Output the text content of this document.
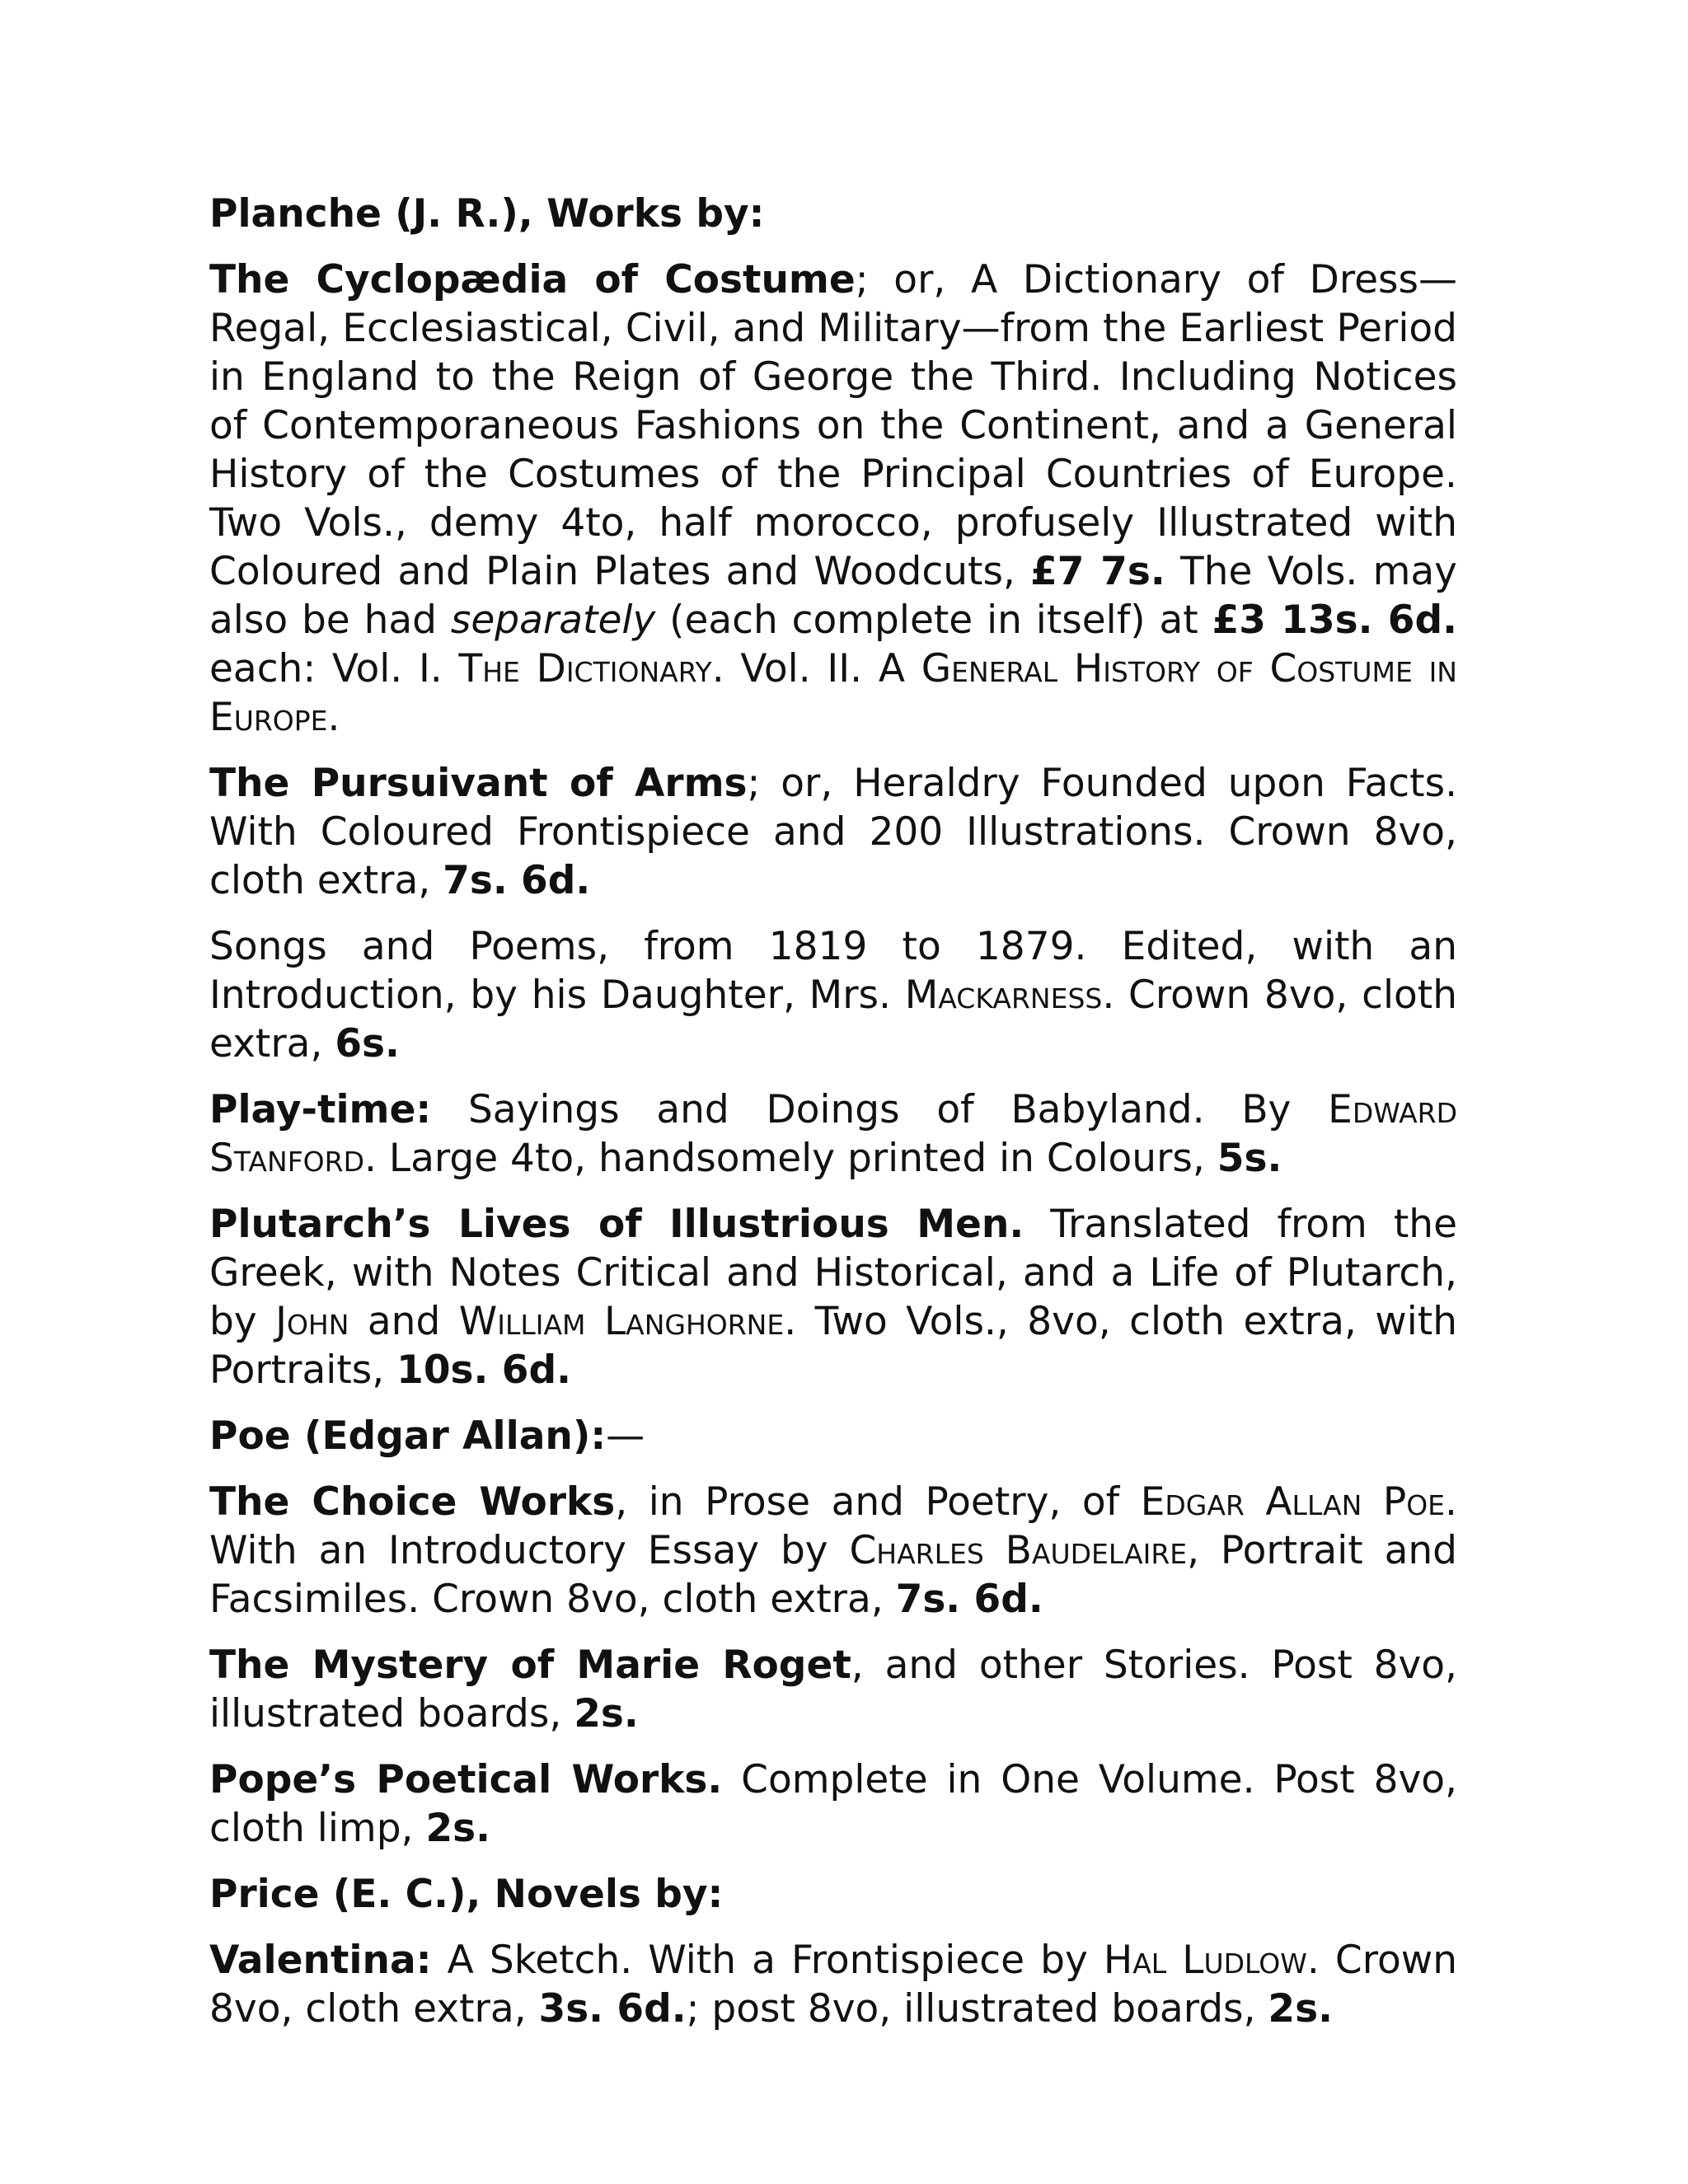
Planche (J. R.), Works by:

The Cyclopædia of Costume; or, A Dictionary of Dress—Regal, Ecclesiastical, Civil, and Military—from the Earliest Period in England to the Reign of George the Third. Including Notices of Contemporaneous Fashions on the Continent, and a General History of the Costumes of the Principal Countries of Europe. Two Vols., demy 4to, half morocco, profusely Illustrated with Coloured and Plain Plates and Woodcuts, £7 7s. The Vols. may also be had separately (each complete in itself) at £3 13s. 6d. each: Vol. I. The Dictionary. Vol. II. A General History of Costume in Europe.

The Pursuivant of Arms; or, Heraldry Founded upon Facts. With Coloured Frontispiece and 200 Illustrations. Crown 8vo, cloth extra, 7s. 6d.

Songs and Poems, from 1819 to 1879. Edited, with an Introduction, by his Daughter, Mrs. Mackarness. Crown 8vo, cloth extra, 6s.

Play-time: Sayings and Doings of Babyland. By Edward Stanford. Large 4to, handsomely printed in Colours, 5s.

Plutarch’s Lives of Illustrious Men. Translated from the Greek, with Notes Critical and Historical, and a Life of Plutarch, by John and William Langhorne. Two Vols., 8vo, cloth extra, with Portraits, 10s. 6d.

Poe (Edgar Allan):—

The Choice Works, in Prose and Poetry, of Edgar Allan Poe. With an Introductory Essay by Charles Baudelaire, Portrait and Facsimiles. Crown 8vo, cloth extra, 7s. 6d.

The Mystery of Marie Roget, and other Stories. Post 8vo, illustrated boards, 2s.

Pope’s Poetical Works. Complete in One Volume. Post 8vo, cloth limp, 2s.

Price (E. C.), Novels by:

Valentina: A Sketch. With a Frontispiece by Hal Ludlow. Crown 8vo, cloth extra, 3s. 6d.; post 8vo, illustrated boards, 2s.
